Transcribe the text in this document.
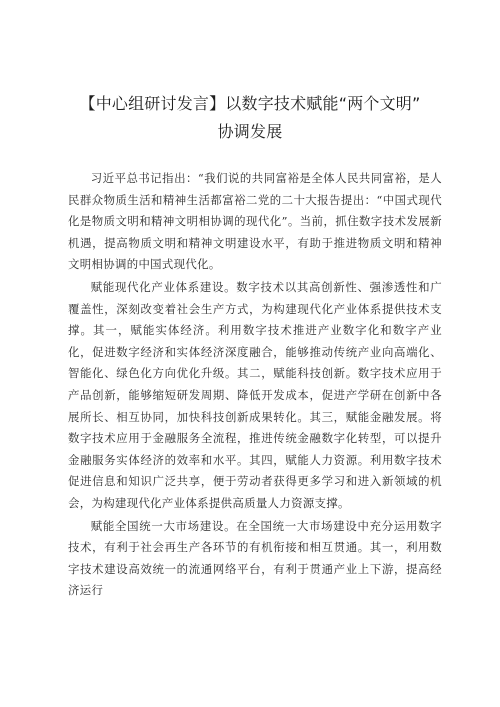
【中心组研讨发言】以数字技术赋能“两个文明”
协调发展

习近平总书记指出：“我们说的共同富裕是全体人民共同富裕，是人民群众物质生活和精神生活都富裕二党的二十大报告提出：“中国式现代化是物质文明和精神文明相协调的现代化”。当前，抓住数字技术发展新机遇，提高物质文明和精神文明建设水平，有助于推进物质文明和精神文明相协调的中国式现代化。

赋能现代化产业体系建设。数字技术以其高创新性、强渗透性和广覆盖性，深刻改变着社会生产方式，为构建现代化产业体系提供技术支撑。其一，赋能实体经济。利用数字技术推进产业数字化和数字产业化，促进数字经济和实体经济深度融合，能够推动传统产业向高端化、智能化、绿色化方向优化升级。其二，赋能科技创新。数字技术应用于产品创新，能够缩短研发周期、降低开发成本，促进产学研在创新中各展所长、相互协同，加快科技创新成果转化。其三，赋能金融发展。将数字技术应用于金融服务全流程，推进传统金融数字化转型，可以提升金融服务实体经济的效率和水平。其四，赋能人力资源。利用数字技术促进信息和知识广泛共享，便于劳动者获得更多学习和进入新领域的机会，为构建现代化产业体系提供高质量人力资源支撑。

赋能全国统一大市场建设。在全国统一大市场建设中充分运用数字技术，有利于社会再生产各环节的有机衔接和相互贯通。其一，利用数字技术建设高效统一的流通网络平台，有利于贯通产业上下游，提高经济运行
